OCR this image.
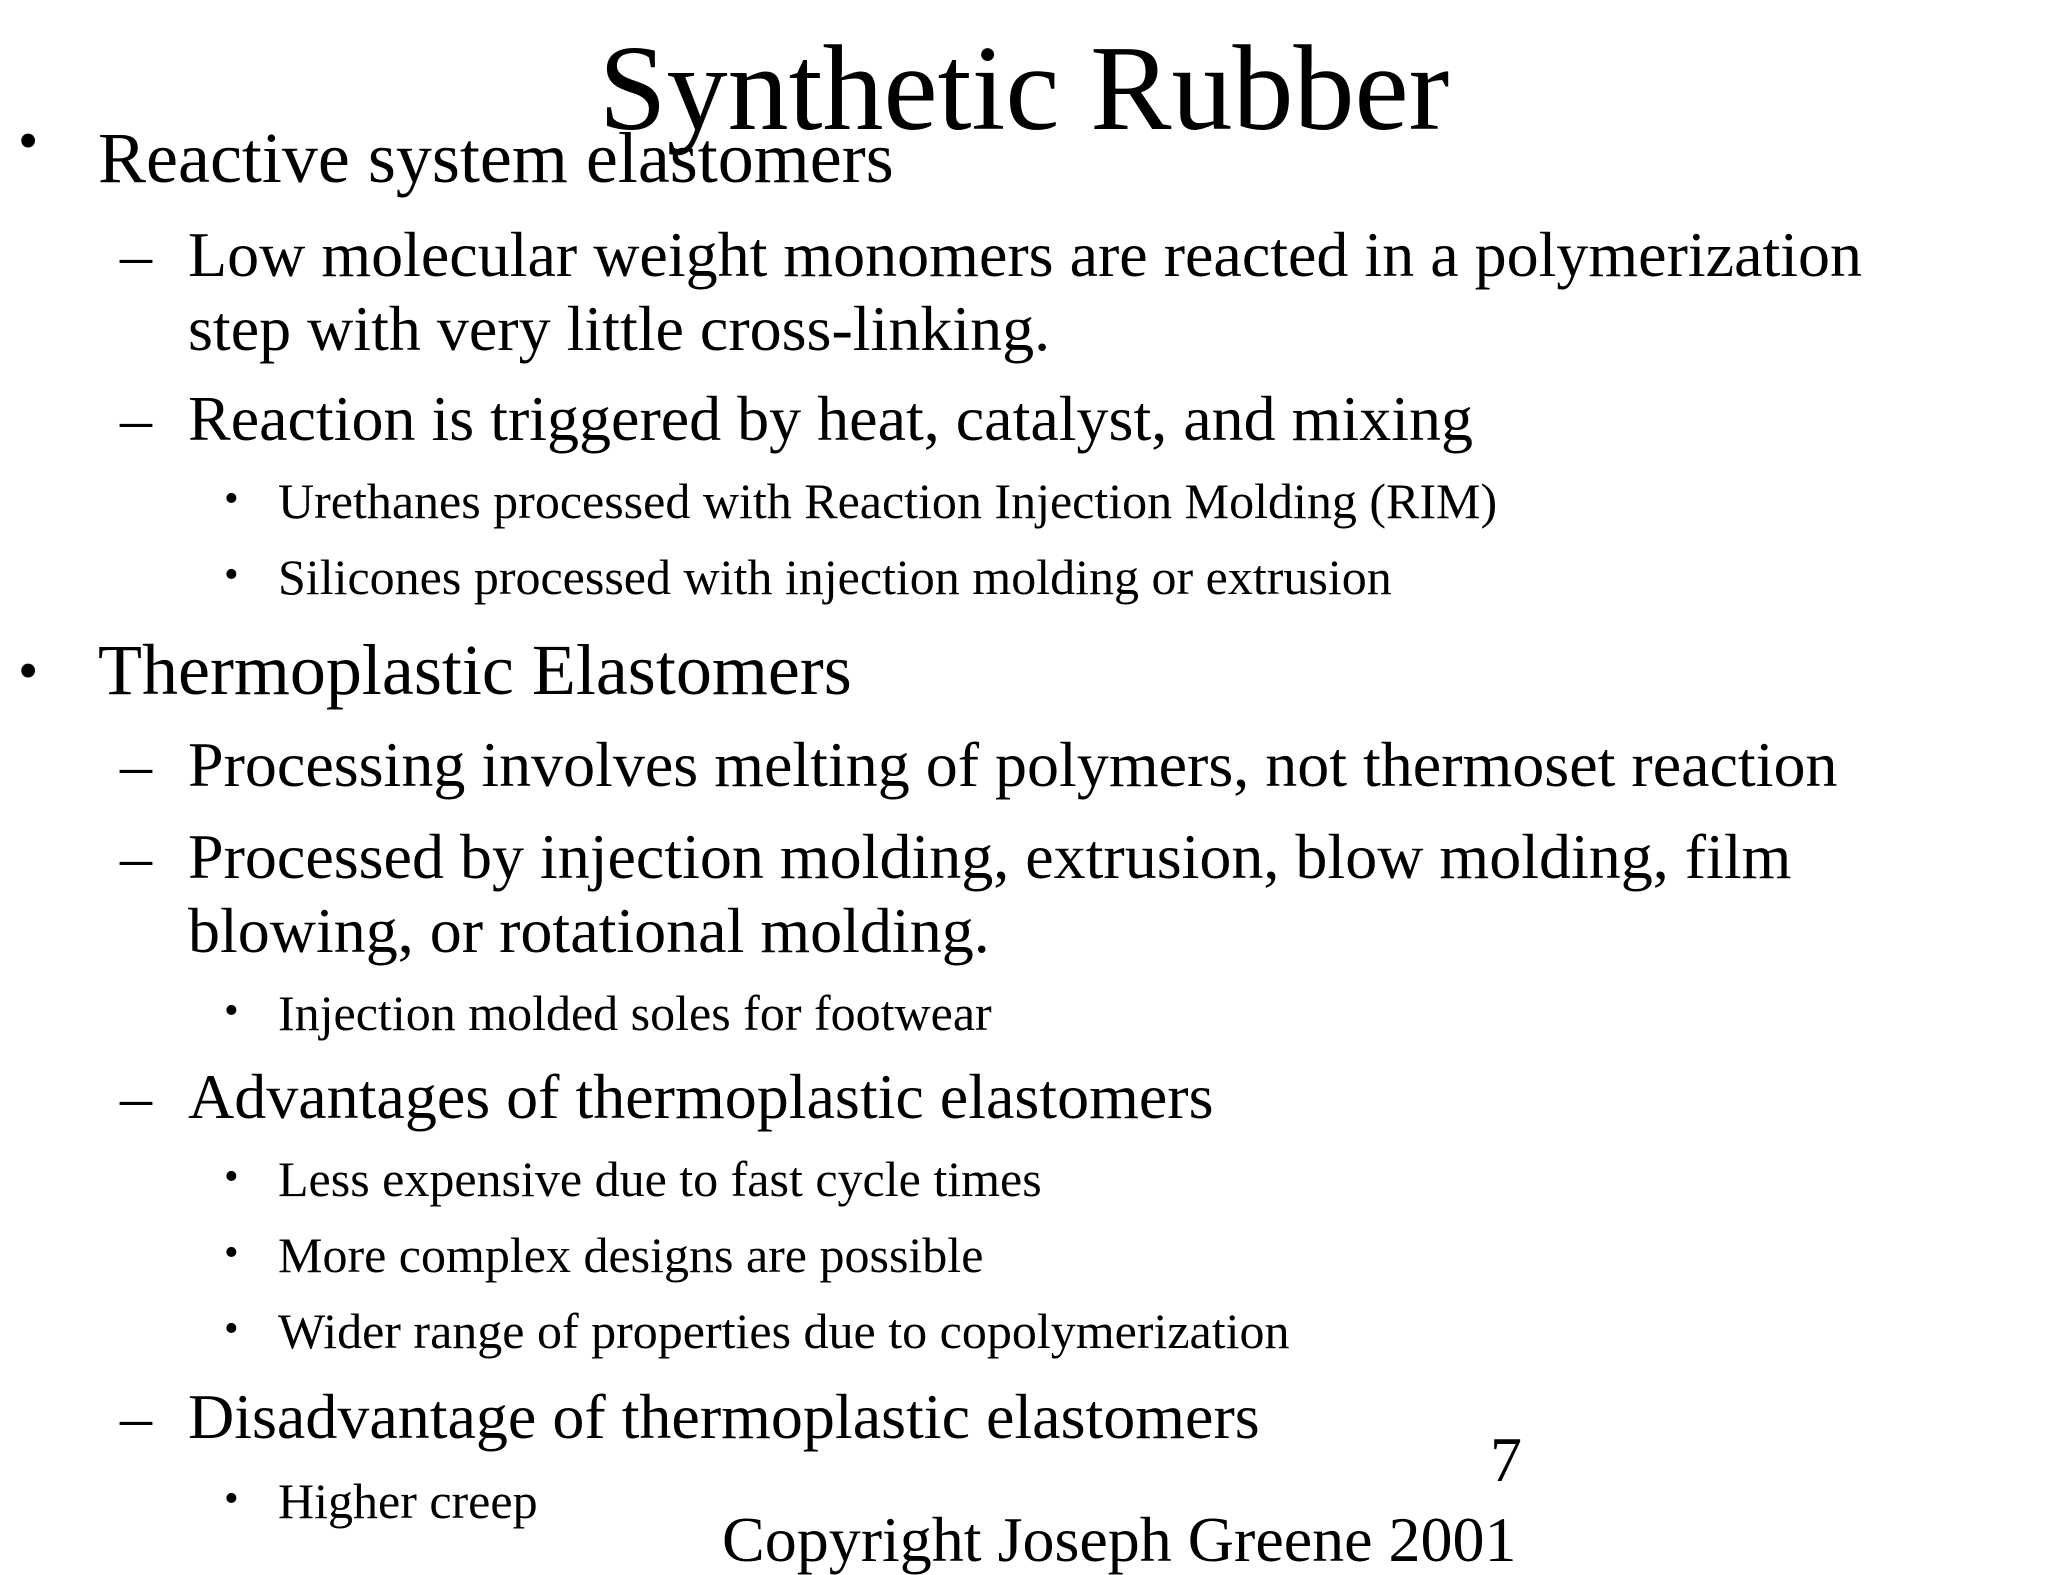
Synthetic Rubber
• Reactive system elastomers
– Low molecular weight monomers are reacted in a polymerization
step with very little cross-linking.
– Reaction is triggered by heat, catalyst, and mixing
• Urethanes processed with Reaction Injection Molding (RIM)
• Silicones processed with injection molding or extrusion
• Thermoplastic Elastomers
– Processing involves melting of polymers, not thermoset reaction
– Processed by injection molding, extrusion, blow molding, film
blowing, or rotational molding.
• Injection molded soles for footwear
– Advantages of thermoplastic elastomers
• Less expensive due to fast cycle times
• More complex designs are possible
• Wider range of properties due to copolymerization
– Disadvantage of thermoplastic elastomers
• Higher creep
7
Copyright Joseph Greene 2001
